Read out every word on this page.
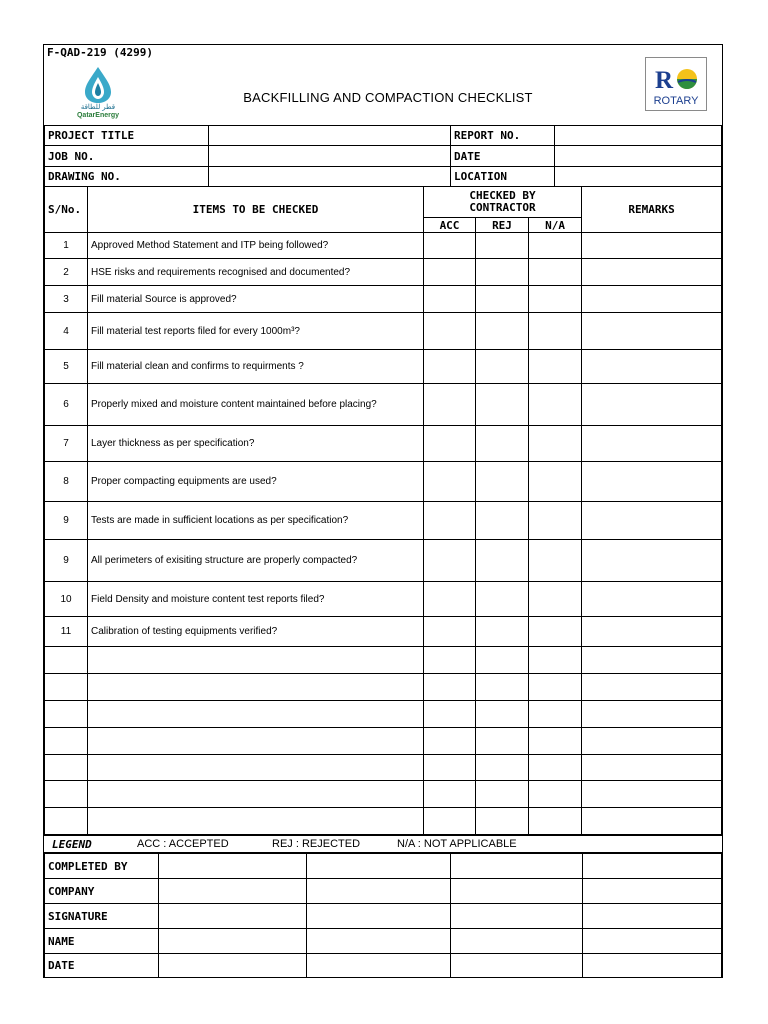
F-QAD-219 (4299)
قطر للطاقة
QatarEnergy
BACKFILLING AND COMPACTION CHECKLIST
R
ROTARY
PROJECT TITLE		REPORT NO.	
JOB NO.		DATE	
DRAWING NO.		LOCATION	
S/No.	ITEMS TO BE CHECKED	CHECKED BY CONTRACTOR			REMARKS
		ACC	REJ	N/A	
1	Approved Method Statement and ITP being followed?				
2	HSE risks and requirements recognised and documented?				
3	Fill material Source is approved?				
4	Fill material test reports filed for every 1000m³?				
5	Fill material clean and confirms to requirments ?				
6	Properly mixed and moisture content maintained before placing?				
7	Layer thickness as per specification?				
8	Proper compacting equipments are used?				
9	Tests are made in sufficient locations as per specification?				
9	All perimeters of exisiting structure are properly compacted?				
10	Field Density and moisture content test reports filed?				
11	Calibration of testing equipments verified?				

LEGEND	ACC : ACCEPTED	REJ : REJECTED	N/A : NOT APPLICABLE
COMPLETED BY				
COMPANY				
SIGNATURE				
NAME				
DATE				
